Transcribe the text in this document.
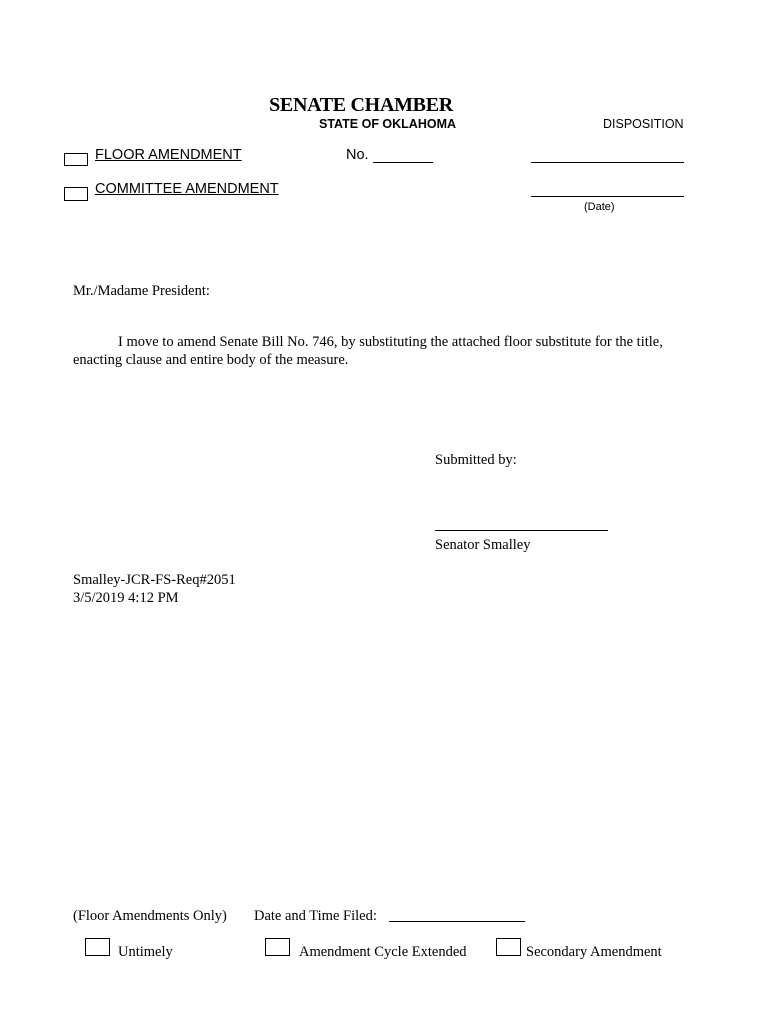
SENATE CHAMBER
STATE OF OKLAHOMA	DISPOSITION
FLOOR AMENDMENT	No.
COMMITTEE AMENDMENT
(Date)
Mr./Madame President:
I move to amend Senate Bill No. 746, by substituting the attached floor substitute for the title,
enacting clause and entire body of the measure.
Submitted by:
Senator Smalley
Smalley-JCR-FS-Req#2051
3/5/2019 4:12 PM
(Floor Amendments Only) Date and Time Filed:
Untimely	Amendment Cycle Extended	Secondary Amendment
